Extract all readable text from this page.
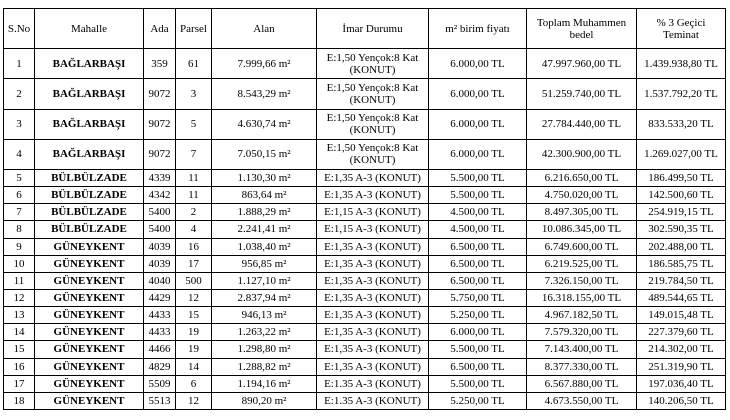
S.No	Mahalle	Ada	Parsel	Alan	İmar Durumu	m² birim fiyatı	Toplam Muhammen bedel	% 3 Geçici Teminat
1	BAĞLARBAŞI	359	61	7.999,66 m²	E:1,50 Yençok:8 Kat (KONUT)	6.000,00 TL	47.997.960,00 TL	1.439.938,80 TL
2	BAĞLARBAŞI	9072	3	8.543,29 m²	E:1,50 Yençok:8 Kat (KONUT)	6.000,00 TL	51.259.740,00 TL	1.537.792,20 TL
3	BAĞLARBAŞI	9072	5	4.630,74 m²	E:1,50 Yençok:8 Kat (KONUT)	6.000,00 TL	27.784.440,00 TL	833.533,20 TL
4	BAĞLARBAŞI	9072	7	7.050,15 m²	E:1,50 Yençok:8 Kat (KONUT)	6.000,00 TL	42.300.900,00 TL	1.269.027,00 TL
5	BÜLBÜLZADE	4339	11	1.130,30 m²	E:1,35 A-3 (KONUT)	5.500,00 TL	6.216.650,00 TL	186.499,50 TL
6	BÜLBÜLZADE	4342	11	863,64 m²	E:1,35 A-3 (KONUT)	5.500,00 TL	4.750.020,00 TL	142.500,60 TL
7	BÜLBÜLZADE	5400	2	1.888,29 m²	E:1,15 A-3 (KONUT)	4.500,00 TL	8.497.305,00 TL	254.919,15 TL
8	BÜLBÜLZADE	5400	4	2.241,41 m²	E:1,15 A-3 (KONUT)	4.500,00 TL	10.086.345,00 TL	302.590,35 TL
9	GÜNEYKENT	4039	16	1.038,40 m²	E:1,35 A-3 (KONUT)	6.500,00 TL	6.749.600,00 TL	202.488,00 TL
10	GÜNEYKENT	4039	17	956,85 m²	E:1,35 A-3 (KONUT)	6.500,00 TL	6.219.525,00 TL	186.585,75 TL
11	GÜNEYKENT	4040	500	1.127,10 m²	E:1,35 A-3 (KONUT)	6.500,00 TL	7.326.150,00 TL	219.784,50 TL
12	GÜNEYKENT	4429	12	2.837,94 m²	E:1,35 A-3 (KONUT)	5.750,00 TL	16.318.155,00 TL	489.544,65 TL
13	GÜNEYKENT	4433	15	946,13 m²	E:1,35 A-3 (KONUT)	5.250,00 TL	4.967.182,50 TL	149.015,48 TL
14	GÜNEYKENT	4433	19	1.263,22 m²	E:1,35 A-3 (KONUT)	6.000,00 TL	7.579.320,00 TL	227.379,60 TL
15	GÜNEYKENT	4466	19	1.298,80 m²	E:1,35 A-3 (KONUT)	5.500,00 TL	7.143.400,00 TL	214.302,00 TL
16	GÜNEYKENT	4829	14	1.288,82 m²	E:1,35 A-3 (KONUT)	6.500,00 TL	8.377.330,00 TL	251.319,90 TL
17	GÜNEYKENT	5509	6	1.194,16 m²	E:1.35 A-3 (KONUT)	5.500,00 TL	6.567.880,00 TL	197.036,40 TL
18	GÜNEYKENT	5513	12	890,20 m²	E:1.35 A-3 (KONUT)	5.250,00 TL	4.673.550,00 TL	140.206,50 TL
